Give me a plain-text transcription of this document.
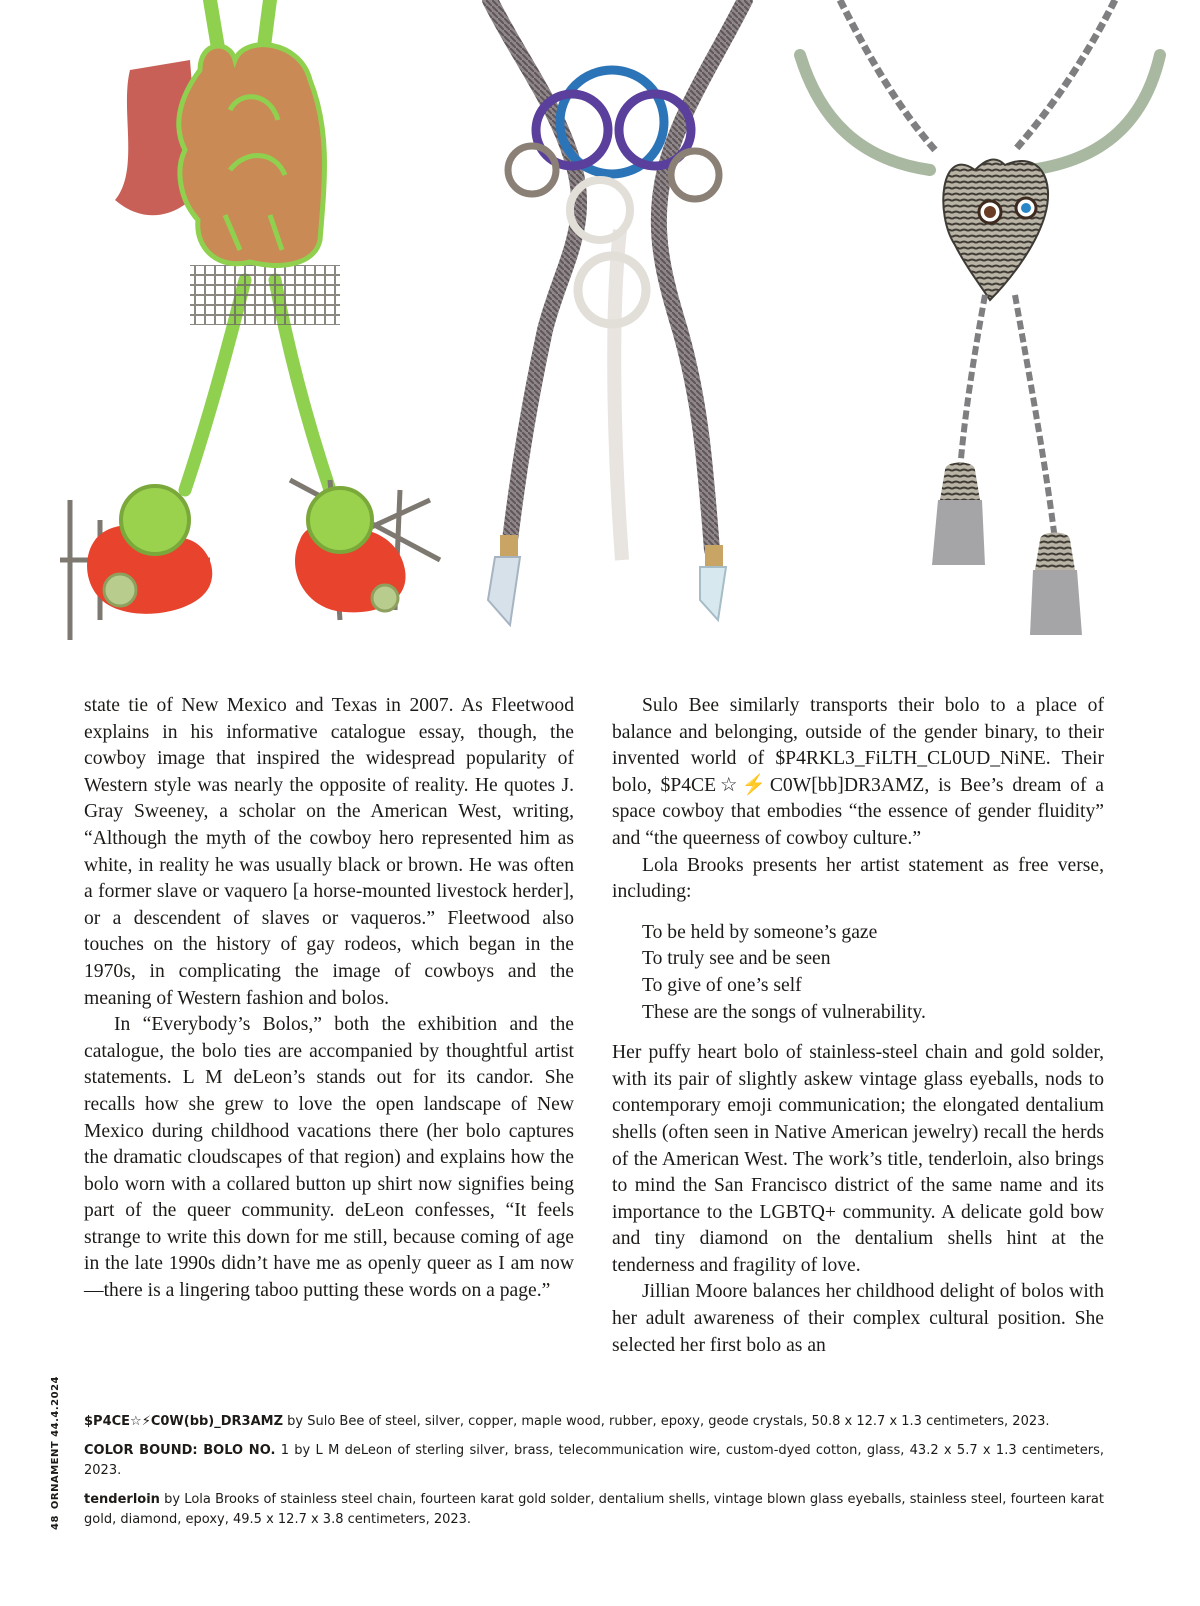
state tie of New Mexico and Texas in 2007. As Fleetwood explains in his informative catalogue essay, though, the cowboy image that inspired the widespread popularity of Western style was nearly the opposite of reality. He quotes J. Gray Sweeney, a scholar on the American West, writing, “Although the myth of the cowboy hero represented him as white, in reality he was usually black or brown. He was often a former slave or vaquero [a horse-mounted livestock herder], or a descendent of slaves or vaqueros.” Fleetwood also touches on the history of gay rodeos, which began in the 1970s, in complicating the image of cowboys and the meaning of Western fashion and bolos.

In “Everybody’s Bolos,” both the exhibition and the catalogue, the bolo ties are accompanied by thoughtful artist statements. L M deLeon’s stands out for its candor. She recalls how she grew to love the open landscape of New Mexico during childhood vacations there (her bolo captures the dramatic cloudscapes of that region) and explains how the bolo worn with a collared button up shirt now signifies being part of the queer community. deLeon confesses, “It feels strange to write this down for me still, because coming of age in the late 1990s didn’t have me as openly queer as I am now—there is a lingering taboo putting these words on a page.”

Sulo Bee similarly transports their bolo to a place of balance and belonging, outside of the gender binary, to their invented world of $P4RKL3_FiLTH_CL0UD_NiNE. Their bolo, $P4CE☆⚡C0W[bb]DR3AMZ, is Bee’s dream of a space cowboy that embodies “the essence of gender fluidity” and “the queerness of cowboy culture.”

Lola Brooks presents her artist statement as free verse, including:

To be held by someone’s gaze
To truly see and be seen
To give of one’s self
These are the songs of vulnerability.

Her puffy heart bolo of stainless-steel chain and gold solder, with its pair of slightly askew vintage glass eyeballs, nods to contemporary emoji communication; the elongated dentalium shells (often seen in Native American jewelry) recall the herds of the American West. The work’s title, tenderloin, also brings to mind the San Francisco district of the same name and its importance to the LGBTQ+ community. A delicate gold bow and tiny diamond on the dentalium shells hint at the tenderness and fragility of love.

Jillian Moore balances her childhood delight of bolos with her adult awareness of their complex cultural position. She selected her first bolo as an

$P4CE☆⚡C0W(bb)_DR3AMZ by Sulo Bee of steel, silver, copper, maple wood, rubber, epoxy, geode crystals, 50.8 x 12.7 x 1.3 centimeters, 2023.

COLOR BOUND: BOLO NO. 1 by L M deLeon of sterling silver, brass, telecommunication wire, custom-dyed cotton, glass, 43.2 x 5.7 x 1.3 centimeters, 2023.

tenderloin by Lola Brooks of stainless steel chain, fourteen karat gold solder, dentalium shells, vintage blown glass eyeballs, stainless steel, fourteen karat gold, diamond, epoxy, 49.5 x 12.7 x 3.8 centimeters, 2023.

48ORNAMENT 44.4.2024
